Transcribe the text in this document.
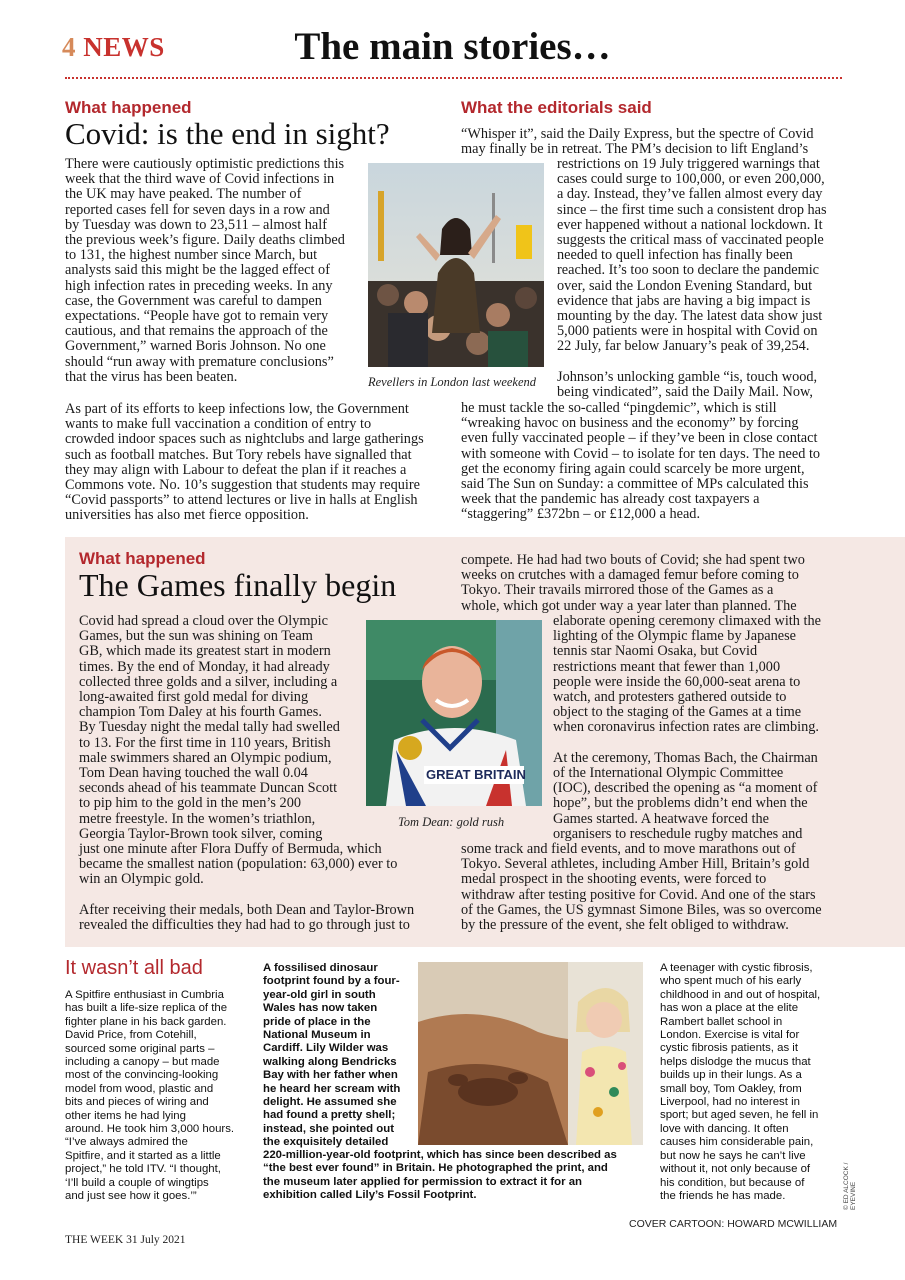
4 NEWS	The main stories…
What happened
Covid: is the end in sight?
There were cautiously optimistic predictions this
week that the third wave of Covid infections in
the UK may have peaked. The number of
reported cases fell for seven days in a row and
by Tuesday was down to 23,511 – almost half
the previous week’s figure. Daily deaths climbed
to 131, the highest number since March, but
analysts said this might be the lagged effect of
high infection rates in preceding weeks. In any
case, the Government was careful to dampen
expectations. “People have got to remain very
cautious, and that remains the approach of the
Government,” warned Boris Johnson. No one
should “run away with premature conclusions”
that the virus has been beaten.	Revellers in London last weekend
As part of its efforts to keep infections low, the Government
wants to make full vaccination a condition of entry to
crowded indoor spaces such as nightclubs and large gatherings
such as football matches. But Tory rebels have signalled that
they may align with Labour to defeat the plan if it reaches a
Commons vote. No. 10’s suggestion that students may require
“Covid passports” to attend lectures or live in halls at English
universities has also met fierce opposition.
What the editorials said
“Whisper it”, said the Daily Express, but the spectre of Covid
may finally be in retreat. The PM’s decision to lift England’s
restrictions on 19 July triggered warnings that
cases could surge to 100,000, or even 200,000,
a day. Instead, they’ve fallen almost every day
since – the first time such a consistent drop has
ever happened without a national lockdown. It
suggests the critical mass of vaccinated people
needed to quell infection has finally been
reached. It’s too soon to declare the pandemic
over, said the London Evening Standard, but
evidence that jabs are having a big impact is
mounting by the day. The latest data show just
5,000 patients were in hospital with Covid on
22 July, far below January’s peak of 39,254.
Johnson’s unlocking gamble “is, touch wood,
being vindicated”, said the Daily Mail. Now,
he must tackle the so-called “pingdemic”, which is still
“wreaking havoc on business and the economy” by forcing
even fully vaccinated people – if they’ve been in close contact
with someone with Covid – to isolate for ten days. The need to
get the economy firing again could scarcely be more urgent,
said The Sun on Sunday: a committee of MPs calculated this
week that the pandemic has already cost taxpayers a
“staggering” £372bn – or £12,000 a head.
What happened
The Games finally begin
Covid had spread a cloud over the Olympic
Games, but the sun was shining on Team
GB, which made its greatest start in modern
times. By the end of Monday, it had already
collected three golds and a silver, including a
long-awaited first gold medal for diving
champion Tom Daley at his fourth Games.
By Tuesday night the medal tally had swelled
to 13. For the first time in 110 years, British
male swimmers shared an Olympic podium,
Tom Dean having touched the wall 0.04
seconds ahead of his teammate Duncan Scott
to pip him to the gold in the men’s 200
metre freestyle. In the women’s triathlon,
Georgia Taylor-Brown took silver, coming
just one minute after Flora Duffy of Bermuda, which
became the smallest nation (population: 63,000) ever to
win an Olympic gold.
After receiving their medals, both Dean and Taylor-Brown
revealed the difficulties they had had to go through just to
GREAT BRITAIN
Tom Dean: gold rush
compete. He had had two bouts of Covid; she had spent two
weeks on crutches with a damaged femur before coming to
Tokyo. Their travails mirrored those of the Games as a
whole, which got under way a year later than planned. The
elaborate opening ceremony climaxed with the
lighting of the Olympic flame by Japanese
tennis star Naomi Osaka, but Covid
restrictions meant that fewer than 1,000
people were inside the 60,000-seat arena to
watch, and protesters gathered outside to
object to the staging of the Games at a time
when coronavirus infection rates are climbing.
At the ceremony, Thomas Bach, the Chairman
of the International Olympic Committee
(IOC), described the opening as “a moment of
hope”, but the problems didn’t end when the
Games started. A heatwave forced the
organisers to reschedule rugby matches and
some track and field events, and to move marathons out of
Tokyo. Several athletes, including Amber Hill, Britain’s gold
medal prospect in the shooting events, were forced to
withdraw after testing positive for Covid. And one of the stars
of the Games, the US gymnast Simone Biles, was so overcome
by the pressure of the event, she felt obliged to withdraw.
It wasn’t all bad
A Spitfire enthusiast in Cumbria
has built a life-size replica of the
fighter plane in his back garden.
David Price, from Cotehill,
sourced some original parts –
including a canopy – but made
most of the convincing-looking
model from wood, plastic and
bits and pieces of wiring and
other items he had lying
around. He took him 3,000 hours.
“I’ve always admired the
Spitfire, and it started as a little
project,” he told ITV. “I thought,
‘I’ll build a couple of wingtips
and just see how it goes.’”
A fossilised dinosaur
footprint found by a four-
year-old girl in south
Wales has now taken
pride of place in the
National Museum in
Cardiff. Lily Wilder was
walking along Bendricks
Bay with her father when
he heard her scream with
delight. He assumed she
had found a pretty shell;
instead, she pointed out
the exquisitely detailed
220-million-year-old footprint, which has since been described as
“the best ever found” in Britain. He photographed the print, and
the museum later applied for permission to extract it for an
exhibition called Lily’s Fossil Footprint.
A teenager with cystic fibrosis,
who spent much of his early
childhood in and out of hospital,
has won a place at the elite
Rambert ballet school in
London. Exercise is vital for
cystic fibrosis patients, as it
helps dislodge the mucus that
builds up in their lungs. As a
small boy, Tom Oakley, from
Liverpool, had no interest in
sport; but aged seven, he fell in
love with dancing. It often
causes him considerable pain,
but now he says he can’t live
without it, not only because of
his condition, but because of
the friends he has made.	© ED ALCOCK / EYEVINE
COVER CARTOON: HOWARD MCWILLIAM
THE WEEK 31 July 2021
